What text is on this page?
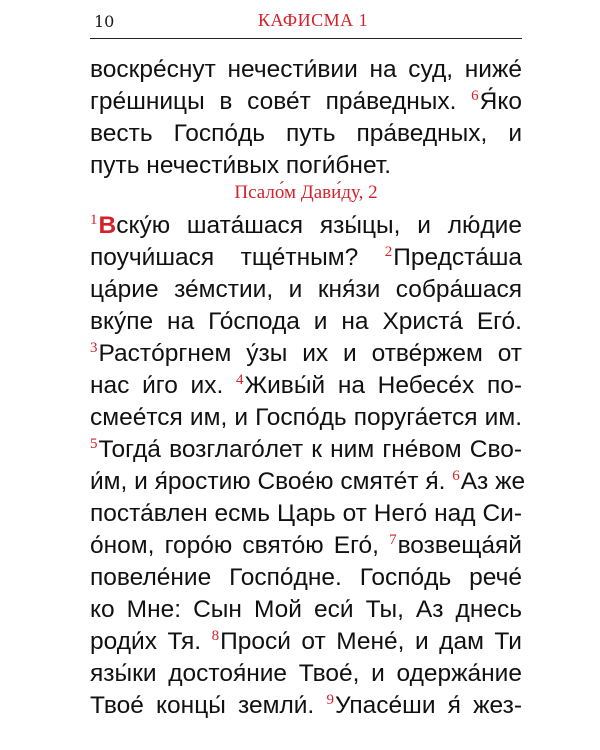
10	КАФИСМА 1
воскре́снут нечести́вии на суд, ниже́
гре́шницы в сове́т пра́ведных. $^6$Я́ко
весть Госпо́дь путь пра́ведных, и
путь нечести́вых поги́бнет.
Псало́м Дави́ду, 2
$^1$Вску́ю шата́шася язы́цы, и лю́дие
поучи́шася тще́тным? $^2$Предста́ша
ца́рие зе́мстии, и кня́зи собра́шася
вку́пе на Го́спода и на Христа́ Его́.
$^3$Растóргнем у́зы их и отве́ржем от
нас и́го их. $^4$Живы́й на Небесе́х по-
смее́тся им, и Госпо́дь поруга́ется им.
$^5$Тогда́ возглаго́лет к ним гне́вом Сво-
и́м, и я́ростию Свое́ю смяте́т я́. $^6$Аз же
поста́влен есмь Царь от Него́ над Си-
о́ном, горо́ю свято́ю Его́, $^7$возвеща́яй
повеле́ние Госпо́дне. Госпо́дь рече́
ко Мне: Сын Мой еси́ Ты, Аз днесь
роди́х Тя. $^8$Проси́ от Мене́, и дам Ти
язы́ки достоя́ние Твое́, и одержа́ние
Твое́ концы́ земли́. $^9$Упасе́ши я́ жез-
